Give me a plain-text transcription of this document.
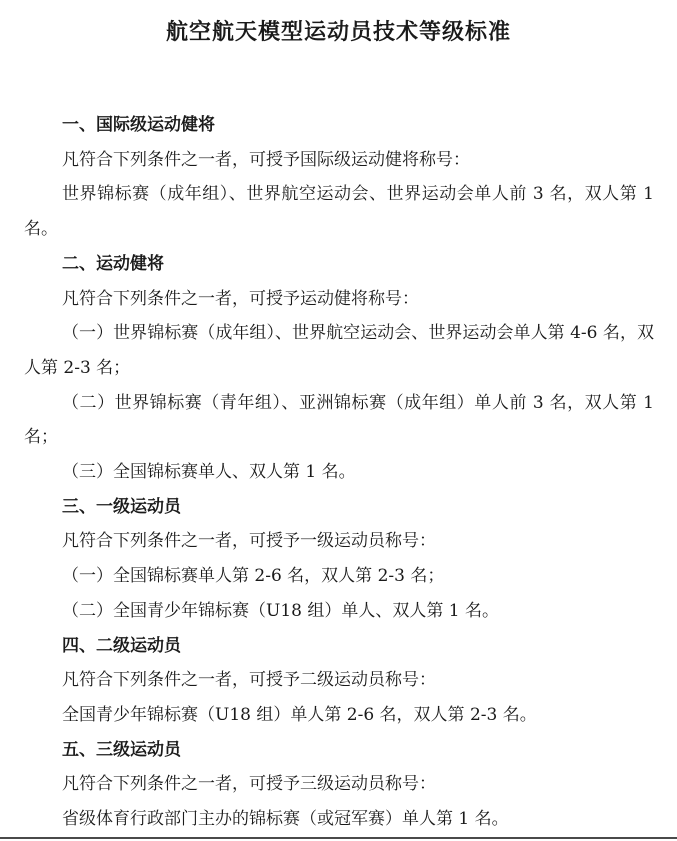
航空航天模型运动员技术等级标准

一、国际级运动健将

凡符合下列条件之一者，可授予国际级运动健将称号：

世界锦标赛（成年组）、世界航空运动会、世界运动会单人前 3 名，双人第 1 名。

二、运动健将

凡符合下列条件之一者，可授予运动健将称号：

（一）世界锦标赛（成年组）、世界航空运动会、世界运动会单人第 4-6 名，双人第 2-3 名；

（二）世界锦标赛（青年组）、亚洲锦标赛（成年组）单人前 3 名，双人第 1 名；

（三）全国锦标赛单人、双人第 1 名。

三、一级运动员

凡符合下列条件之一者，可授予一级运动员称号：

（一）全国锦标赛单人第 2-6 名，双人第 2-3 名；

（二）全国青少年锦标赛（U18 组）单人、双人第 1 名。

四、二级运动员

凡符合下列条件之一者，可授予二级运动员称号：

全国青少年锦标赛（U18 组）单人第 2-6 名，双人第 2-3 名。

五、三级运动员

凡符合下列条件之一者，可授予三级运动员称号：

省级体育行政部门主办的锦标赛（或冠军赛）单人第 1 名。
